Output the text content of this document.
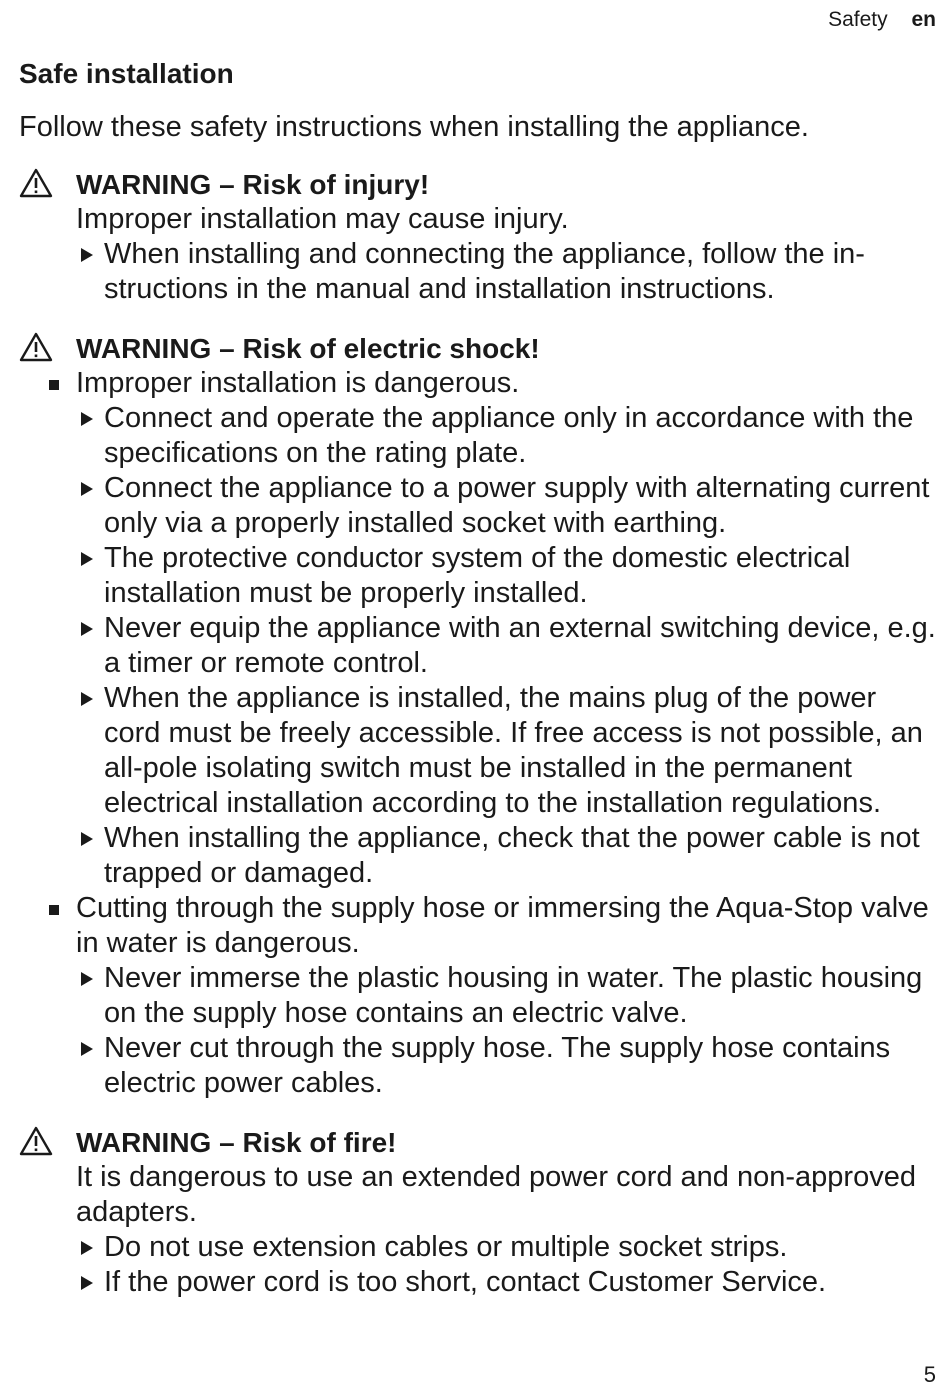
Safety en
Safe installation

Follow these safety instructions when installing the appliance.

WARNING – Risk of injury!

Improper installation may cause injury.

When installing and connecting the appliance, follow the instructions in the manual and installation instructions.
WARNING – Risk of electric shock!
Improper installation is dangerous.
Connect and operate the appliance only in accordance with the specifications on the rating plate.
Connect the appliance to a power supply with alternating current only via a properly installed socket with earthing.
The protective conductor system of the domestic electrical installation must be properly installed.
Never equip the appliance with an external switching device, e.g. a timer or remote control.
When the appliance is installed, the mains plug of the power cord must be freely accessible. If free access is not possible, an all-pole isolating switch must be installed in the permanent electrical installation according to the installation regulations.
When installing the appliance, check that the power cable is not trapped or damaged.
Cutting through the supply hose or immersing the Aqua-Stop valve in water is dangerous.
Never immerse the plastic housing in water. The plastic housing on the supply hose contains an electric valve.
Never cut through the supply hose. The supply hose contains electric power cables.
WARNING – Risk of fire!

It is dangerous to use an extended power cord and non-approved adapters.

Do not use extension cables or multiple socket strips.
If the power cord is too short, contact Customer Service.
5
